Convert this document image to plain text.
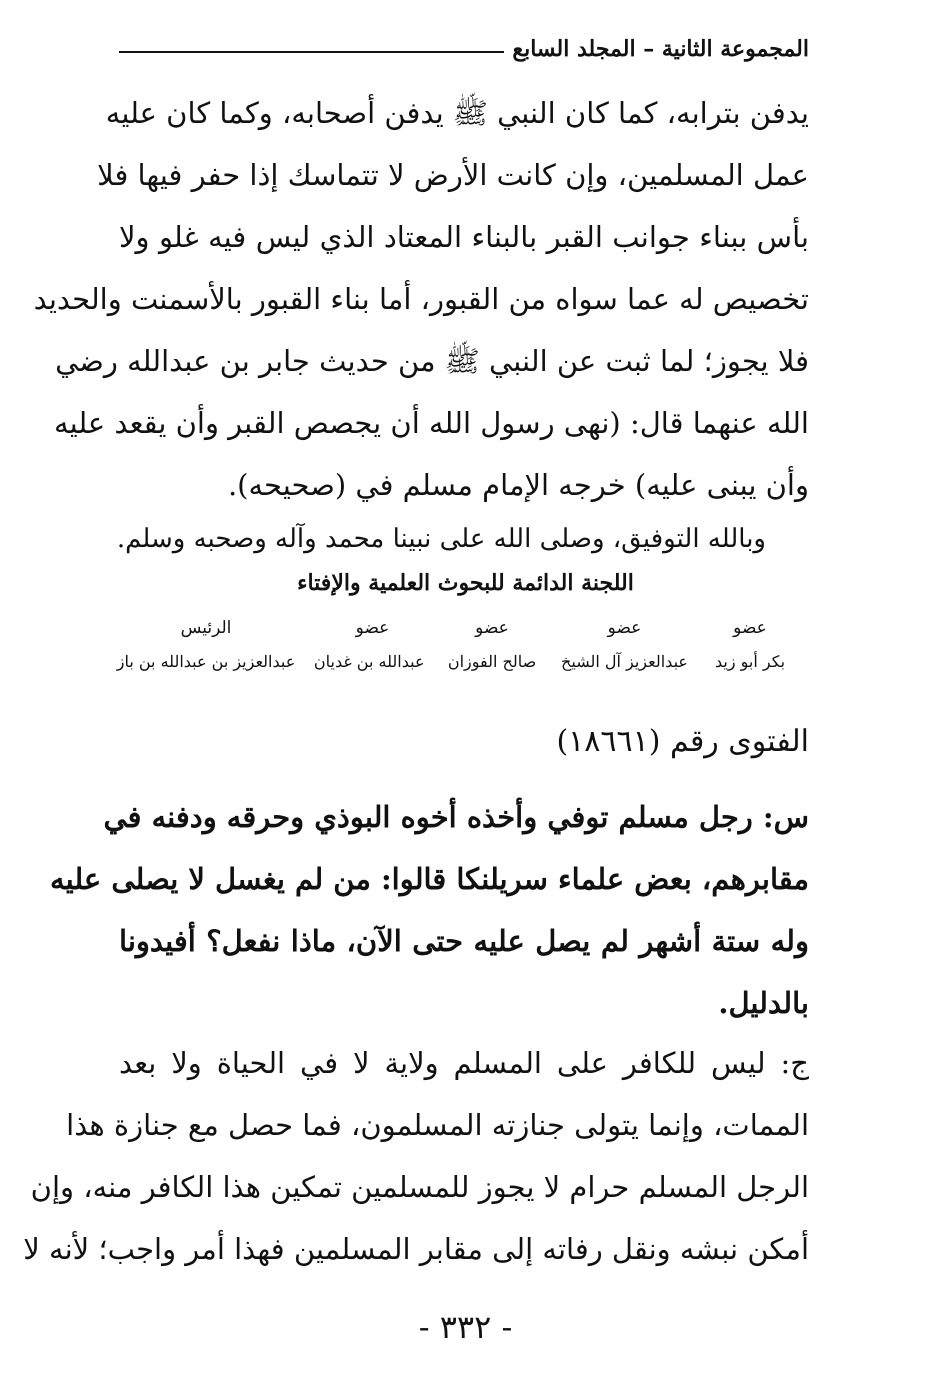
المجموعة الثانية – المجلد السابع
يدفن بترابه، كما كان النبي ﷺ يدفن أصحابه، وكما كان عليه
عمل المسلمين، وإن كانت الأرض لا تتماسك إذا حفر فيها فلا
بأس ببناء جوانب القبر بالبناء المعتاد الذي ليس فيه غلو ولا
تخصيص له عما سواه من القبور، أما بناء القبور بالأسمنت والحديد
فلا يجوز؛ لما ثبت عن النبي ﷺ من حديث جابر بن عبدالله رضي
الله عنهما قال: (نهى رسول الله أن يجصص القبر وأن يقعد عليه
وأن يبنى عليه) خرجه الإمام مسلم في (صحيحه).
وبالله التوفيق، وصلى الله على نبينا محمد وآله وصحبه وسلم.
اللجنة الدائمة للبحوث العلمية والإفتاء
عضو
عضو
عضو
عضو
الرئيس
بكر أبو زيد
عبدالعزيز آل الشيخ
صالح الفوزان
عبدالله بن غديان
عبدالعزيز بن عبدالله بن باز
الفتوى رقم (١٨٦٦١)
س: رجل مسلم توفي وأخذه أخوه البوذي وحرقه ودفنه في
مقابرهم، بعض علماء سريلنكا قالوا: من لم يغسل لا يصلى عليه
وله ستة أشهر لم يصل عليه حتى الآن، ماذا نفعل؟ أفيدونا
بالدليل.
ج: ليس للكافر على المسلم ولاية لا في الحياة ولا بعد
الممات، وإنما يتولى جنازته المسلمون، فما حصل مع جنازة هذا
الرجل المسلم حرام لا يجوز للمسلمين تمكين هذا الكافر منه، وإن
أمكن نبشه ونقل رفاته إلى مقابر المسلمين فهذا أمر واجب؛ لأنه لا
- ٣٣٢ -
